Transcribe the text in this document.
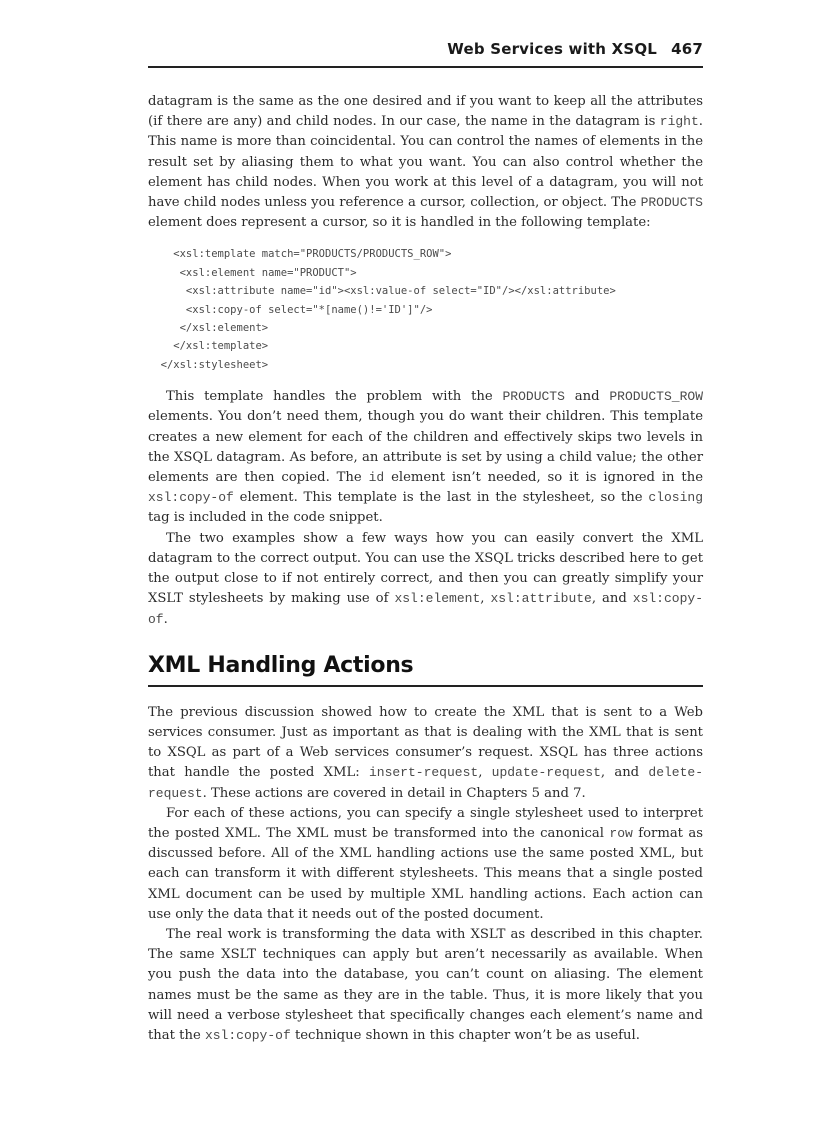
Web Services with XSQL 467

datagram is the same as the one desired and if you want to keep all the attributes (if there are any) and child nodes. In our case, the name in the datagram is right. This name is more than coincidental. You can control the names of elements in the result set by aliasing them to what you want. You can also control whether the element has child nodes. When you work at this level of a datagram, you will not have child nodes unless you reference a cursor, collection, or object. The PRODUCTS element does represent a cursor, so it is handled in the following template:

<xsl:template match="PRODUCTS/PRODUCTS_ROW">
<xsl:element name="PRODUCT">
<xsl:attribute name="id"><xsl:value-of select="ID"/></xsl:attribute>
<xsl:copy-of select="*[name()!='ID']"/>
</xsl:element>
</xsl:template>
</xsl:stylesheet>

This template handles the problem with the PRODUCTS and PRODUCTS_ROW elements. You don’t need them, though you do want their children. This template creates a new element for each of the children and effectively skips two levels in the XSQL datagram. As before, an attribute is set by using a child value; the other elements are then copied. The id element isn’t needed, so it is ignored in the xsl:copy-of element. This template is the last in the stylesheet, so the closing tag is included in the code snippet.

The two examples show a few ways how you can easily convert the XML datagram to the correct output. You can use the XSQL tricks described here to get the output close to if not entirely correct, and then you can greatly simplify your XSLT stylesheets by making use of xsl:element, xsl:attribute, and xsl:copy-of.

XML Handling Actions

The previous discussion showed how to create the XML that is sent to a Web services consumer. Just as important as that is dealing with the XML that is sent to XSQL as part of a Web services consumer’s request. XSQL has three actions that handle the posted XML: insert-request, update-request, and delete-request. These actions are covered in detail in Chapters 5 and 7.

For each of these actions, you can specify a single stylesheet used to interpret the posted XML. The XML must be transformed into the canonical row format as discussed before. All of the XML handling actions use the same posted XML, but each can transform it with different stylesheets. This means that a single posted XML document can be used by multiple XML handling actions. Each action can use only the data that it needs out of the posted document.

The real work is transforming the data with XSLT as described in this chapter. The same XSLT techniques can apply but aren’t necessarily as available. When you push the data into the database, you can’t count on aliasing. The element names must be the same as they are in the table. Thus, it is more likely that you will need a verbose stylesheet that specifically changes each element’s name and that the xsl:copy-of technique shown in this chapter won’t be as useful.
